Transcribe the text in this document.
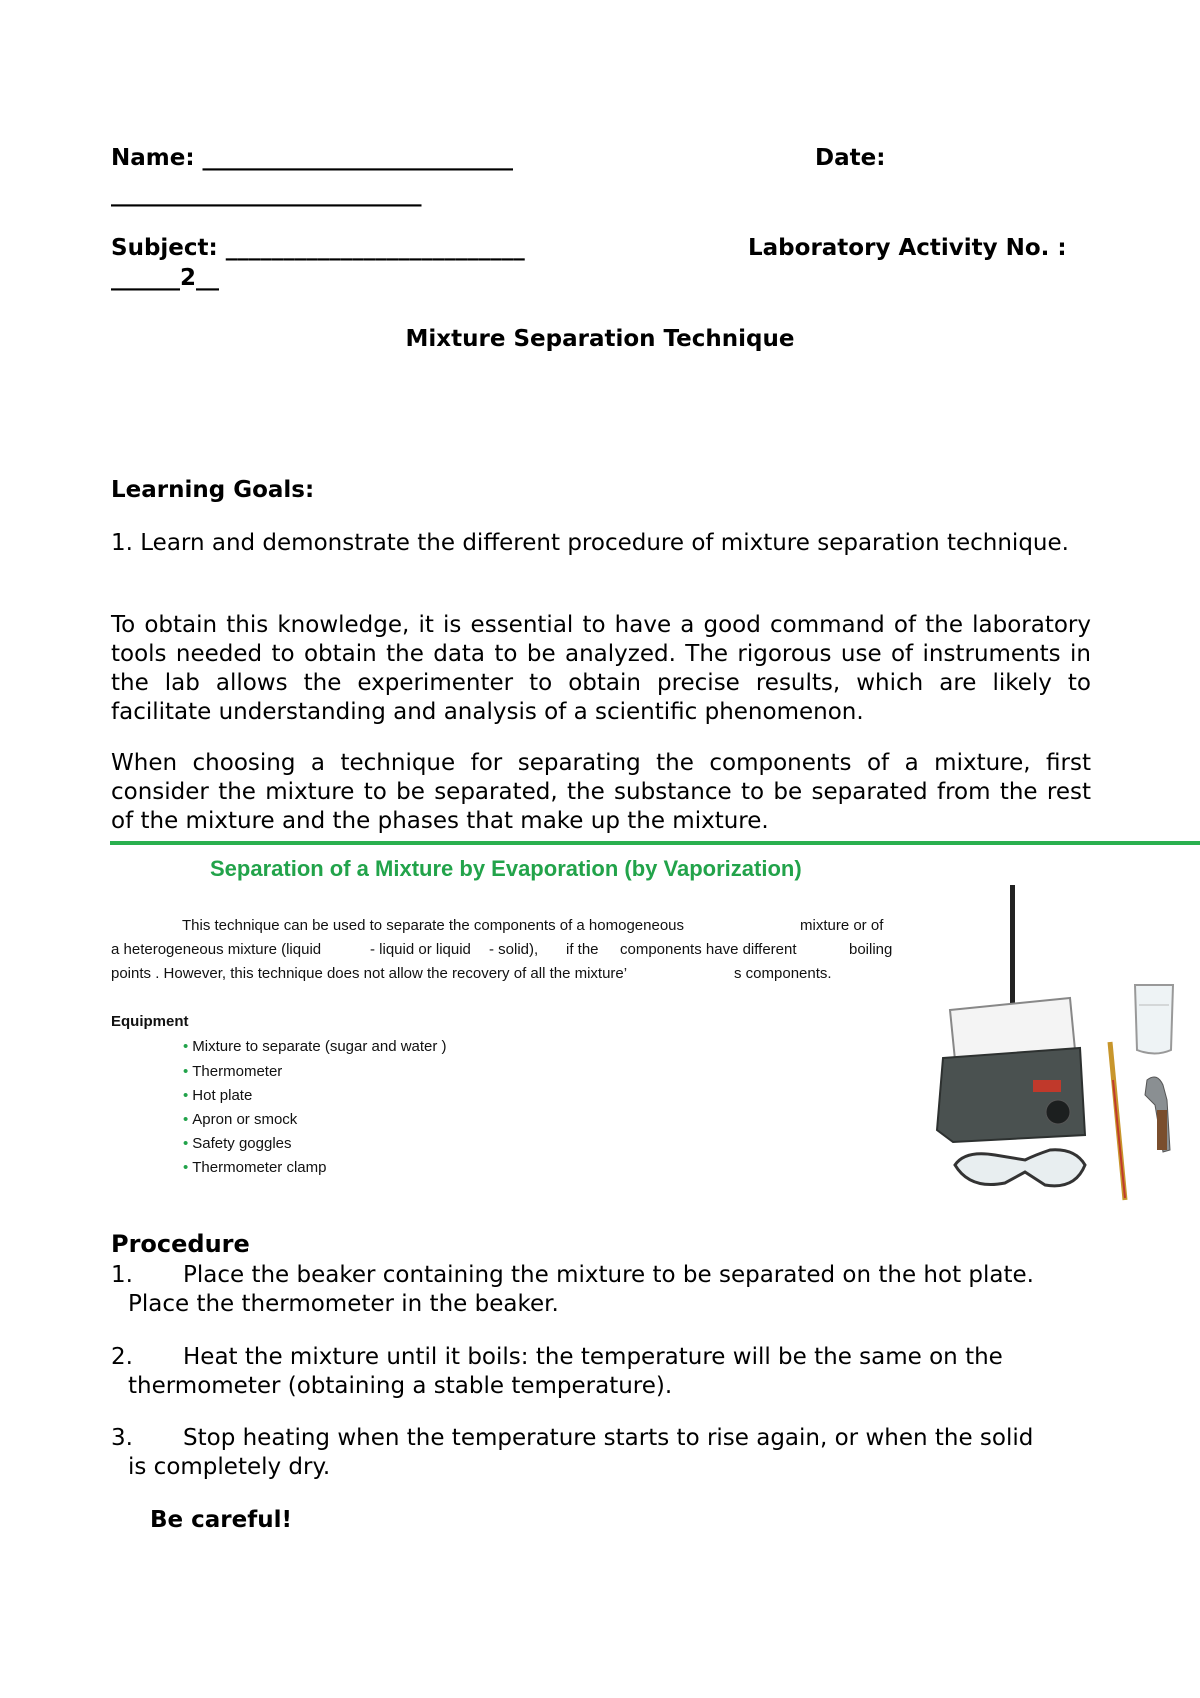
Name: ___________________________	Date:
___________________________
Subject: __________________________	Laboratory Activity No. :
______2__
Mixture Separation Technique
Learning Goals:
1. Learn and demonstrate the different procedure of mixture separation technique.
To obtain this knowledge, it is essential to have a good command of the laboratory tools needed to obtain the data to be analyzed. The rigorous use of instruments in the lab allows the experimenter to obtain precise results, which are likely to facilitate understanding and analysis of a scientific phenomenon.
When choosing a technique for separating the components of a mixture, first consider the mixture to be separated, the substance to be separated from the rest of the mixture and the phases that make up the mixture.
Separation of a Mixture by Evaporation (by Vaporization)
This technique can be used to separate the components of a homogeneous	mixture or of
a heterogeneous mixture (liquid	- liquid or liquid - solid), if the components have different	boiling
points . However, this technique does not allow the recovery of all the mixture’	s components.
Equipment
• Mixture to separate (sugar and water )
• Thermometer
• Hot plate
• Apron or smock
• Safety goggles
• Thermometer clamp
Procedure
1. Place the beaker containing the mixture to be separated on the hot plate.
Place the thermometer in the beaker.
2. Heat the mixture until it boils: the temperature will be the same on the
thermometer (obtaining a stable temperature).
3. Stop heating when the temperature starts to rise again, or when the solid
is completely dry.
Be careful!
